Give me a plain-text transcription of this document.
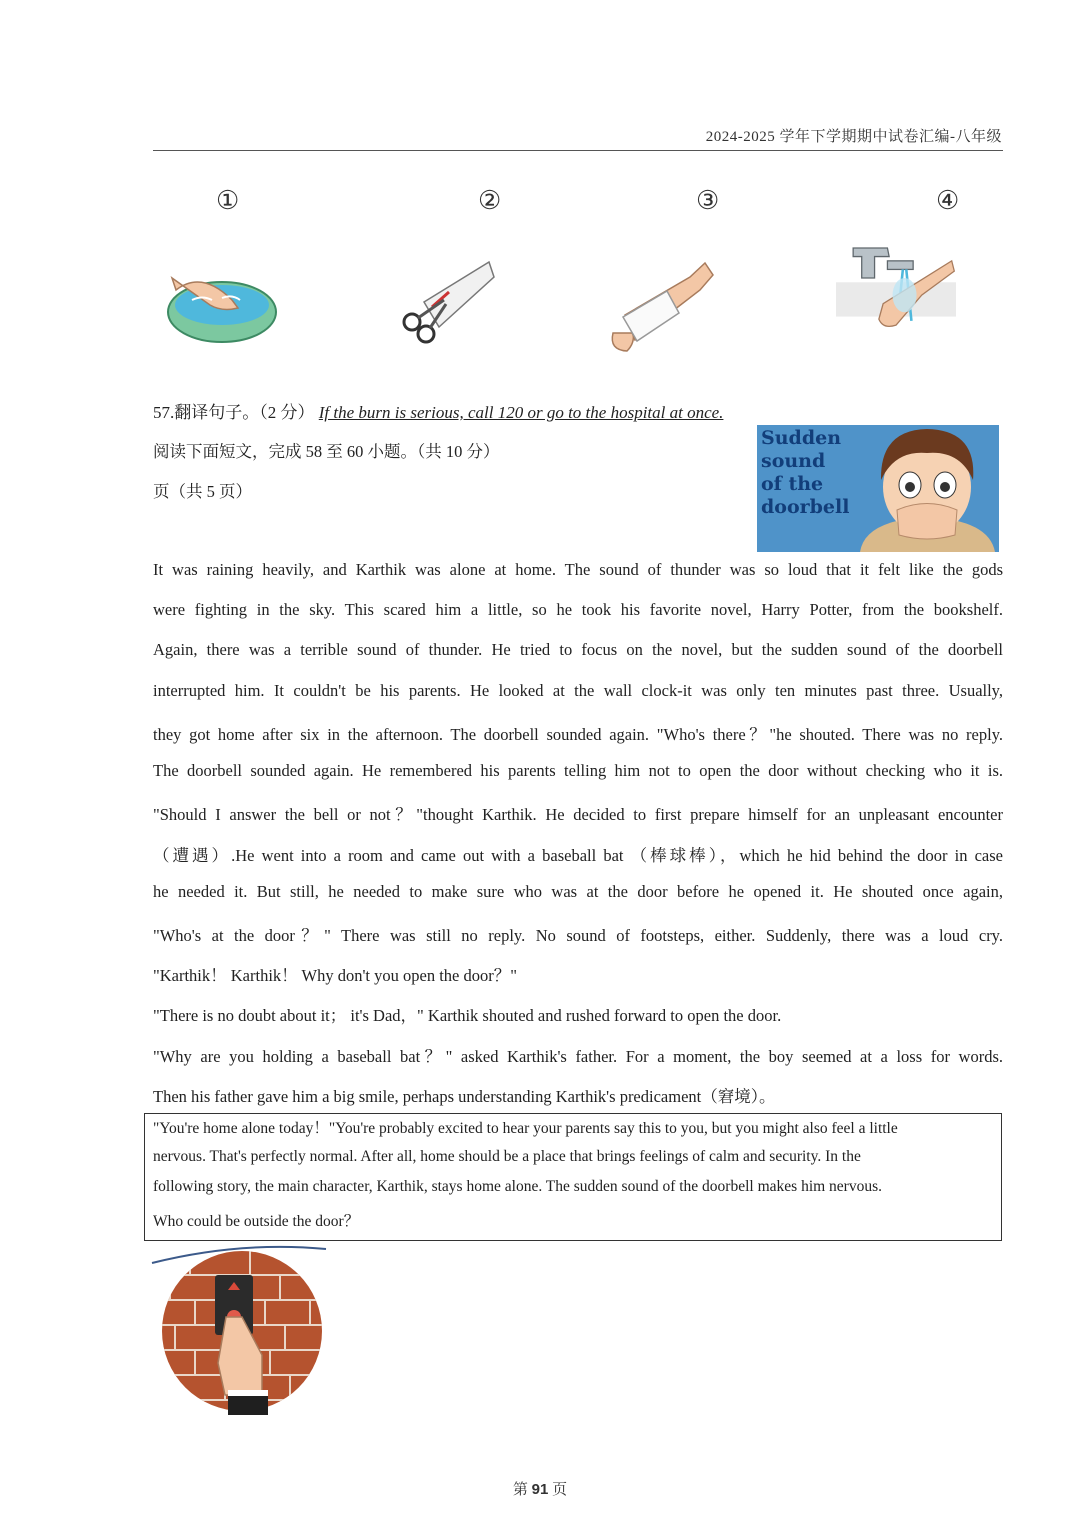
2024-2025 学年下学期期中试卷汇编-八年级
①	②	③	④
57.翻译句子。（2 分） If the burn is serious, call 120 or go to the hospital at once.
阅读下面短文，完成 58 至 60 小题。（共 10 分）
页（共 5 页）
Sudden
sound
of the
doorbell
It was raining heavily, and Karthik was alone at home. The sound of thunder was so loud that it felt like the gods
were fighting in the sky. This scared him a little, so he took his favorite novel, Harry Potter, from the bookshelf.
Again, there was a terrible sound of thunder. He tried to focus on the novel, but the sudden sound of the doorbell
interrupted him. It couldn't be his parents. He looked at the wall clock-it was only ten minutes past three. Usually,
they got home after six in the afternoon. The doorbell sounded again. "Who's there？"he shouted. There was no reply.
The doorbell sounded again. He remembered his parents telling him not to open the door without checking who it is.
"Should I answer the bell or not？"thought Karthik. He decided to first prepare himself for an unpleasant encounter
（遭遇）.He went into a room and came out with a baseball bat （棒球棒），which he hid behind the door in case
he needed it. But still, he needed to make sure who was at the door before he opened it. He shouted once again,
"Who's at the door？" There was still no reply. No sound of footsteps, either. Suddenly, there was a loud cry.
"Karthik！ Karthik！ Why don't you open the door？"
"There is no doubt about it； it's Dad，" Karthik shouted and rushed forward to open the door.
"Why are you holding a baseball bat？" asked Karthik's father. For a moment, the boy seemed at a loss for words.
Then his father gave him a big smile, perhaps understanding Karthik's predicament（窘境）。
"You're home alone today！"You're probably excited to hear your parents say this to you, but you might also feel a little
nervous. That's perfectly normal. After all, home should be a place that brings feelings of calm and security. In the
following story, the main character, Karthik, stays home alone. The sudden sound of the doorbell makes him nervous.
Who could be outside the door？
第 91 页
